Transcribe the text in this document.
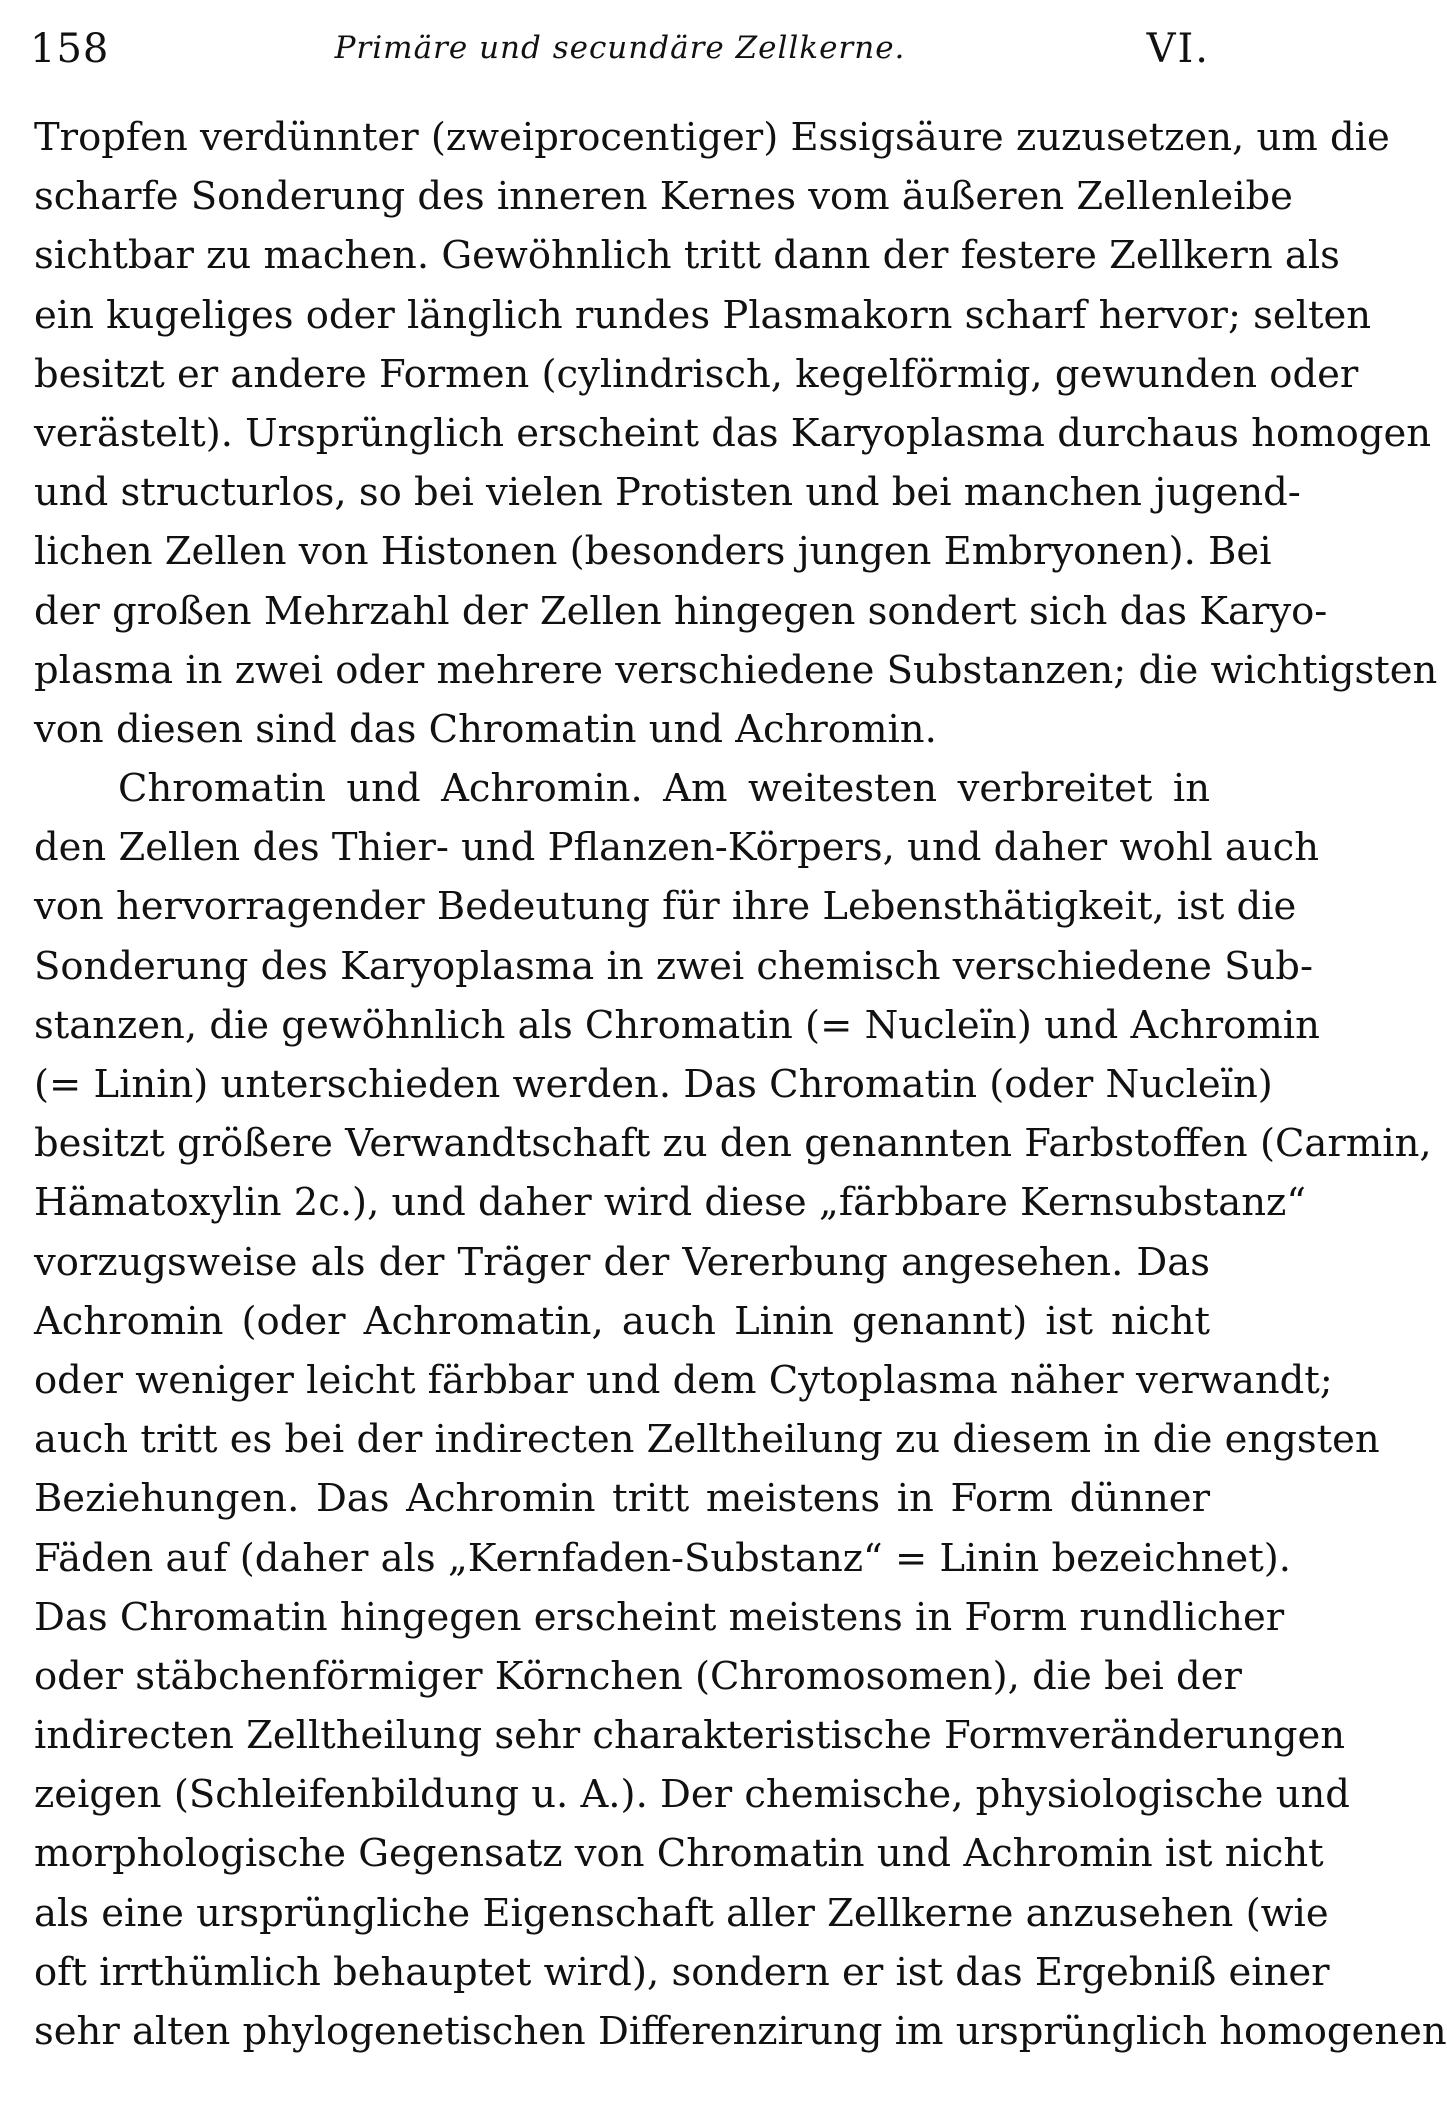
158	Primäre und secundäre Zellkerne.	VI.
Tropfen verdünnter (zweiprocentiger) Essigsäure zuzusetzen, um die
scharfe Sonderung des inneren Kernes vom äußeren Zellenleibe
sichtbar zu machen. Gewöhnlich tritt dann der festere Zellkern als
ein kugeliges oder länglich rundes Plasmakorn scharf hervor; selten
besitzt er andere Formen (cylindrisch, kegelförmig, gewunden oder
verästelt). Ursprünglich erscheint das Karyoplasma durchaus homogen
und structurlos, so bei vielen Protisten und bei manchen jugend-
lichen Zellen von Histonen (besonders jungen Embryonen). Bei
der großen Mehrzahl der Zellen hingegen sondert sich das Karyo-
plasma in zwei oder mehrere verschiedene Substanzen; die wichtigsten
von diesen sind das Chromatin und Achromin.
Chromatin und Achromin. Am weitesten verbreitet in
den Zellen des Thier- und Pflanzen-Körpers, und daher wohl auch
von hervorragender Bedeutung für ihre Lebensthätigkeit, ist die
Sonderung des Karyoplasma in zwei chemisch verschiedene Sub-
stanzen, die gewöhnlich als Chromatin (= Nucleïn) und Achromin
(= Linin) unterschieden werden. Das Chromatin (oder Nucleïn)
besitzt größere Verwandtschaft zu den genannten Farbstoffen (Carmin,
Hämatoxylin 2c.), und daher wird diese „färbbare Kernsubstanz“
vorzugsweise als der Träger der Vererbung angesehen. Das
Achromin (oder Achromatin, auch Linin genannt) ist nicht
oder weniger leicht färbbar und dem Cytoplasma näher verwandt;
auch tritt es bei der indirecten Zelltheilung zu diesem in die engsten
Beziehungen. Das Achromin tritt meistens in Form dünner
Fäden auf (daher als „Kernfaden-Substanz“ = Linin bezeichnet).
Das Chromatin hingegen erscheint meistens in Form rundlicher
oder stäbchenförmiger Körnchen (Chromosomen), die bei der
indirecten Zelltheilung sehr charakteristische Formveränderungen
zeigen (Schleifenbildung u. A.). Der chemische, physiologische und
morphologische Gegensatz von Chromatin und Achromin ist nicht
als eine ursprüngliche Eigenschaft aller Zellkerne anzusehen (wie
oft irrthümlich behauptet wird), sondern er ist das Ergebniß einer
sehr alten phylogenetischen Differenzirung im ursprünglich homogenen
